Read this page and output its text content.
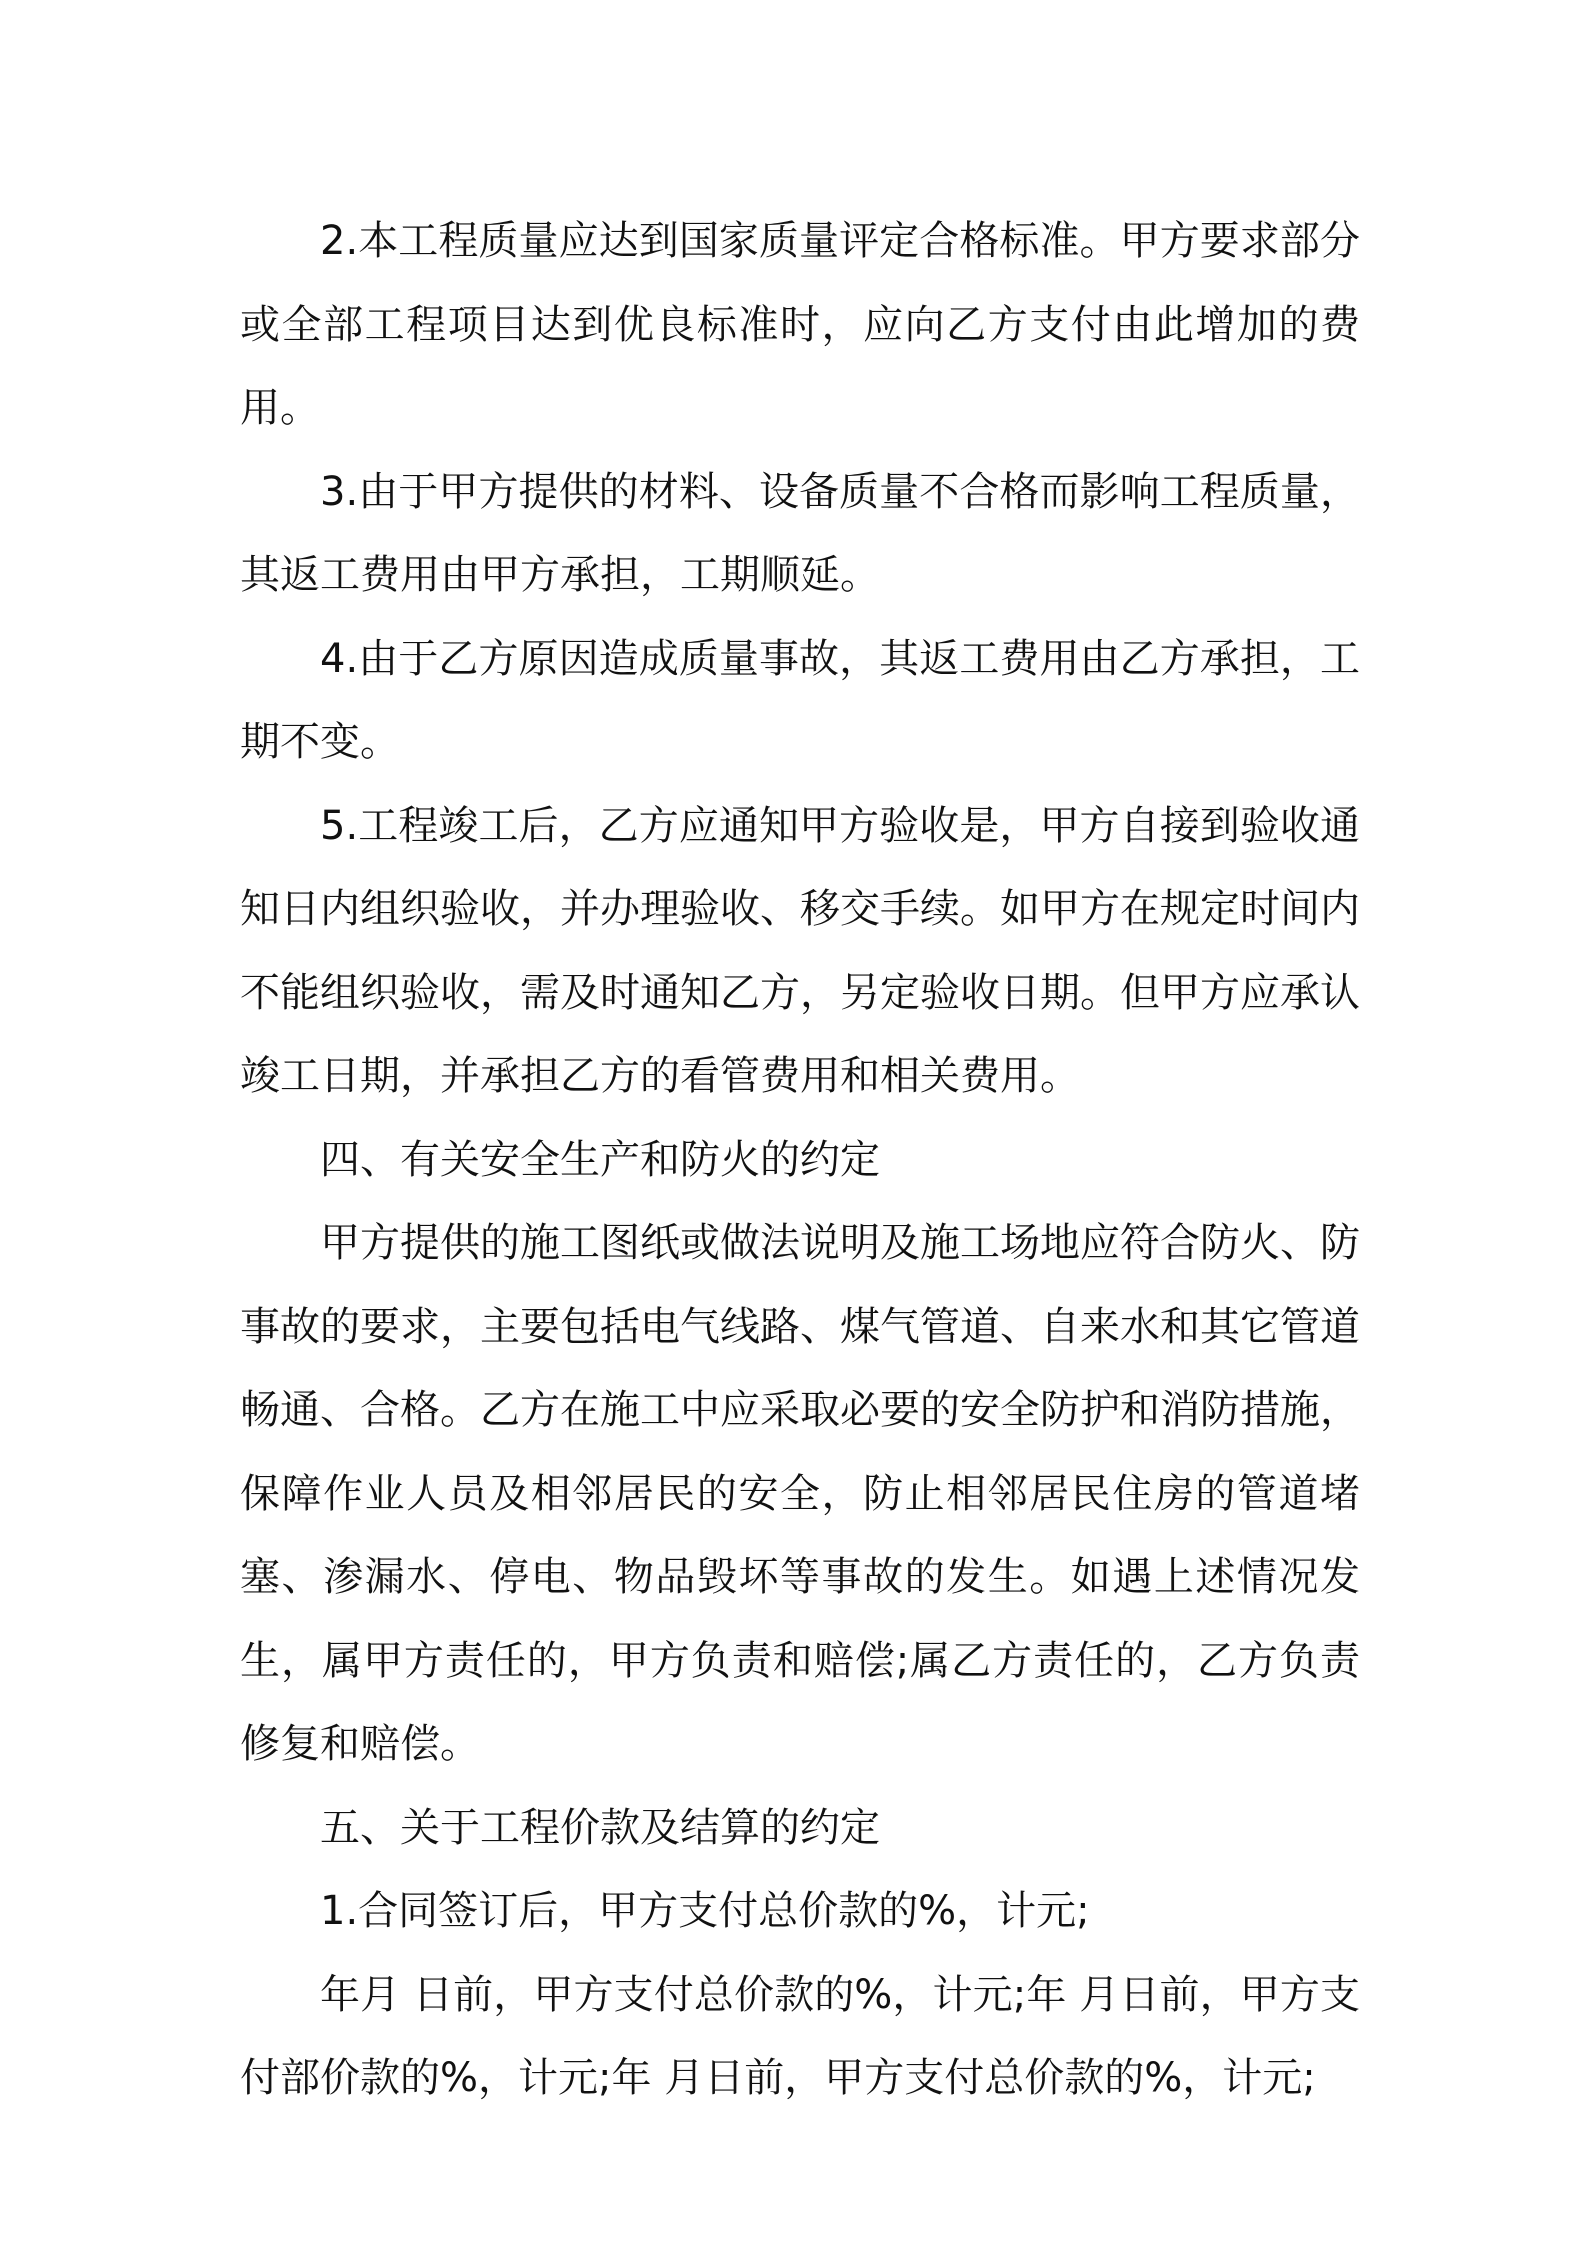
2.本工程质量应达到国家质量评定合格标准。甲方要求部分或全部工程项目达到优良标准时，应向乙方支付由此增加的费用。

3.由于甲方提供的材料、设备质量不合格而影响工程质量，其返工费用由甲方承担，工期顺延。

4.由于乙方原因造成质量事故，其返工费用由乙方承担，工期不变。

5.工程竣工后，乙方应通知甲方验收是，甲方自接到验收通知日内组织验收，并办理验收、移交手续。如甲方在规定时间内不能组织验收，需及时通知乙方，另定验收日期。但甲方应承认竣工日期，并承担乙方的看管费用和相关费用。

四、有关安全生产和防火的约定

甲方提供的施工图纸或做法说明及施工场地应符合防火、防事故的要求，主要包括电气线路、煤气管道、自来水和其它管道畅通、合格。乙方在施工中应采取必要的安全防护和消防措施，保障作业人员及相邻居民的安全，防止相邻居民住房的管道堵塞、渗漏水、停电、物品毁坏等事故的发生。如遇上述情况发生，属甲方责任的，甲方负责和赔偿;属乙方责任的，乙方负责修复和赔偿。

五、关于工程价款及结算的约定

1.合同签订后，甲方支付总价款的%，计元;

年月 日前，甲方支付总价款的%，计元;年 月日前，甲方支付部价款的%，计元;年 月日前，甲方支付总价款的%，计元;
